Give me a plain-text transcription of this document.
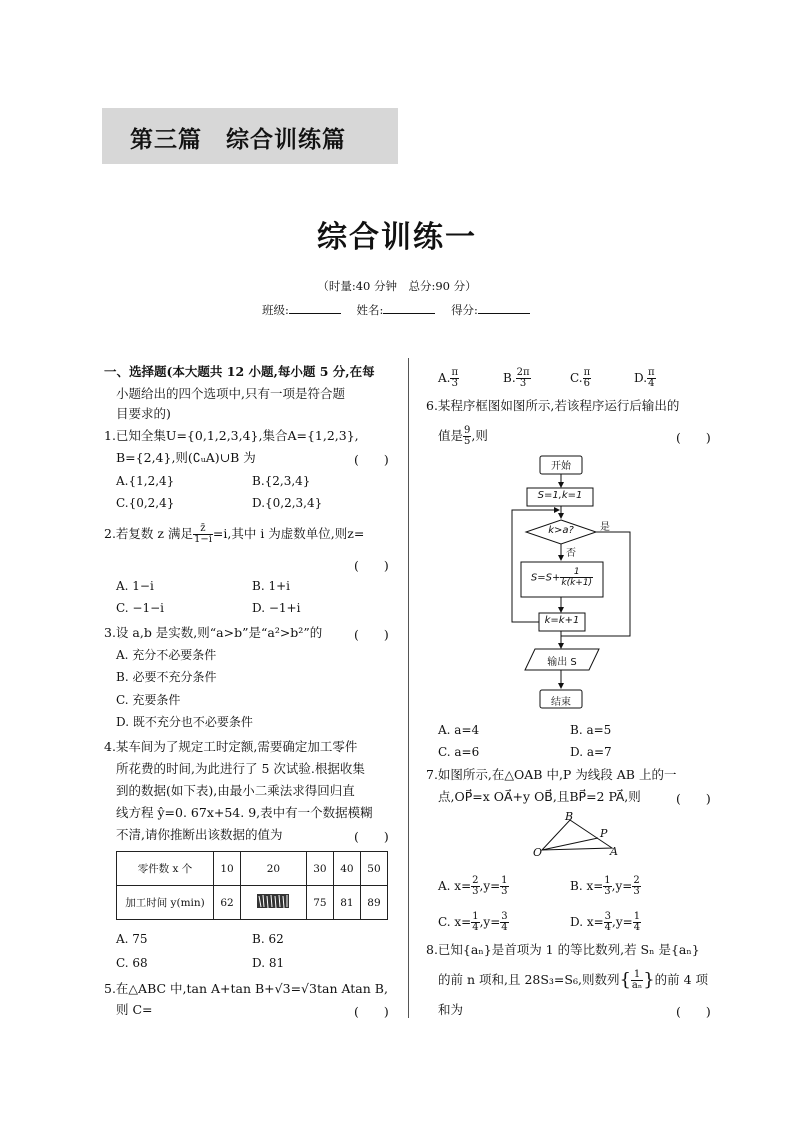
第三篇　综合训练篇
综合训练一
（时量:40 分钟　总分:90 分）
班级:	姓名:	得分:
一、选择题(本大题共 12 小题,每小题 5 分,在每
小题给出的四个选项中,只有一项是符合题
目要求的)
1.已知全集U={0,1,2,3,4},集合A={1,2,3},
B={2,4},则(∁ᵤA)∪B 为	(　　)
A.{1,2,4}	B.{2,3,4}
C.{0,2,4}	D.{0,2,3,4}
2.若复数 z 满足 $\frac{z̄}{1-i} =i$,其中 i 为虚数单位,则z=
(　　)
A. 1−i	B. 1+i
C. −1−i	D. −1+i
3.设 a,b 是实数,则“a>b”是“a²>b²”的	(　　)
A. 充分不必要条件
B. 必要不充分条件
C. 充要条件
D. 既不充分也不必要条件
4.某车间为了规定工时定额,需要确定加工零件
所花费的时间,为此进行了 5 次试验.根据收集
到的数据(如下表),由最小二乘法求得回归直
线方程 ŷ=0. 67x+54. 9,表中有一个数据模糊
不清,请你推断出该数据的值为	(　　)
零件数 x 个	10	20	30	40	50
加工时间 y(min)	62		75	81	89
A. 75	B. 62
C. 68	D. 81
5.在△ABC 中,tan A+tan B+√3=√3tan Atan B,
则 C=	(　　)
A. $\frac{\pi}{3}$	B. $\frac{2\pi}{3}$	C. $\frac{\pi}{6}$	D. $\frac{\pi}{4}$
6.某程序框图如图所示,若该程序运行后输出的
值是 $\frac{9}{5}$ ,则	(　　)
开始
S=1,k=1
k>a?	是
否
$S=S+ \frac{1}{k(k+1)}$
k=k+1
输出 S
结束
A. a=4	B. a=5
C. a=6	D. a=7
7.如图所示,在△OAB 中,P 为线段 AB 上的一
点,OP⃗=x OA⃗+y OB⃗,且BP⃗=2 PA⃗,则	(　　)
B
O	A
P
A. $x= \frac{2}{3} ,y= \frac{1}{3}$	B. $x= \frac{1}{3} ,y= \frac{2}{3}$
C. $x= \frac{1}{4} ,y= \frac{3}{4}$	D. $x= \frac{3}{4} ,y= \frac{1}{4}$
8.已知{aₙ}是首项为 1 的等比数列,若 Sₙ 是{aₙ}
的前 n 项和,且 28S₃=S₆,则数列{ $\frac{1}{\text{aₙ}}$ }的前 4 项
和为	(　　)
